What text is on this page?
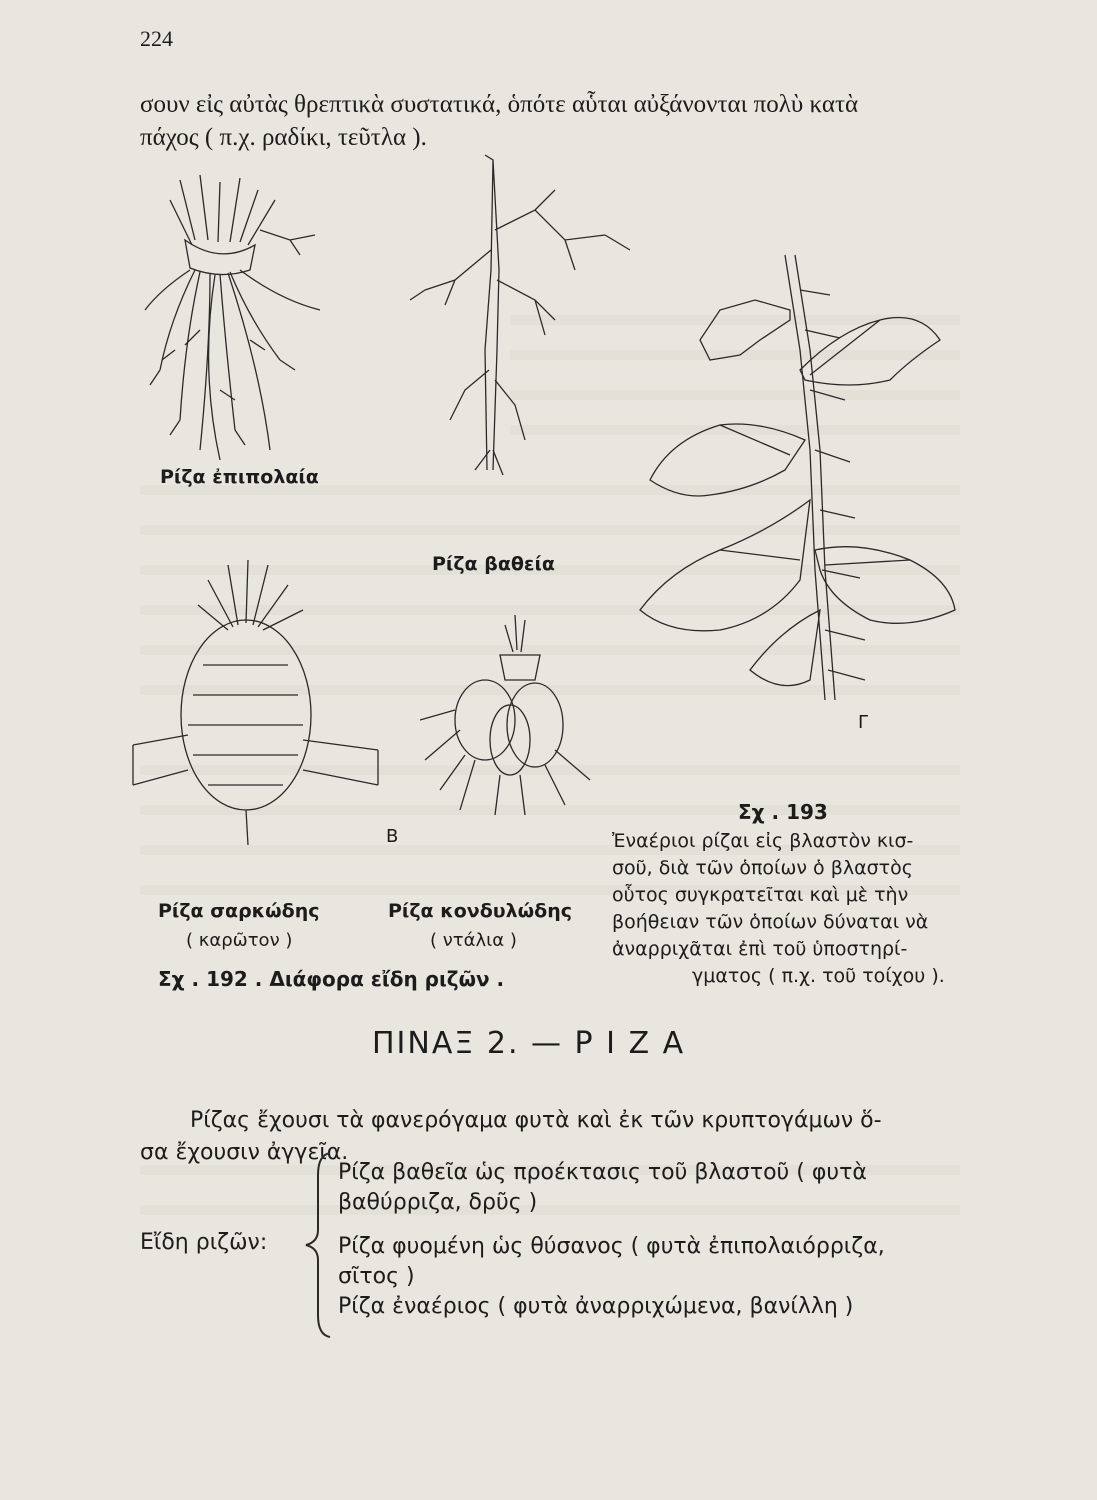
224
σουν εἰς αὐτὰς θρεπτικὰ συστατικά, ὁπότε αὗται αὐξάνονται πολὺ κατὰ
πάχος ( π.χ. ραδίκι, τεῦτλα ).
Ρίζα ἐπιπολαία
Ρίζα βαθεία
Γ
Σχ . 193
Ἐναέριοι ρίζαι εἰς βλαστὸν κισ-
σοῦ, διὰ τῶν ὁποίων ὁ βλαστὸς
οὗτος συγκρατεῖται καὶ μὲ τὴν
βοήθειαν τῶν ὁποίων δύναται νὰ
ἀναρριχᾶται ἐπὶ τοῦ ὑποστηρί-
γματος ( π.χ. τοῦ τοίχου ).
Β
Ρίζα σαρκώδης
( καρῶτον )
Ρίζα κονδυλώδης
( ντάλια )
Σχ . 192 . Διάφορα εἴδη ριζῶν .
ΠΙΝΑΞ 2. — Ρ Ι Ζ Α
Ρίζας ἔχουσι τὰ φανερόγαμα φυτὰ καὶ ἐκ τῶν κρυπτογάμων ὅ-
σα ἔχουσιν ἀγγεῖα.
Εἴδη ριζῶν:
Ρίζα βαθεῖα ὡς προέκτασις τοῦ βλαστοῦ ( φυτὰ
βαθύρριζα, δρῦς )
Ρίζα φυομένη ὡς θύσανος ( φυτὰ ἐπιπολαιόρριζα,
σῖτος )
Ρίζα ἐναέριος ( φυτὰ ἀναρριχώμενα, βανίλλη )
